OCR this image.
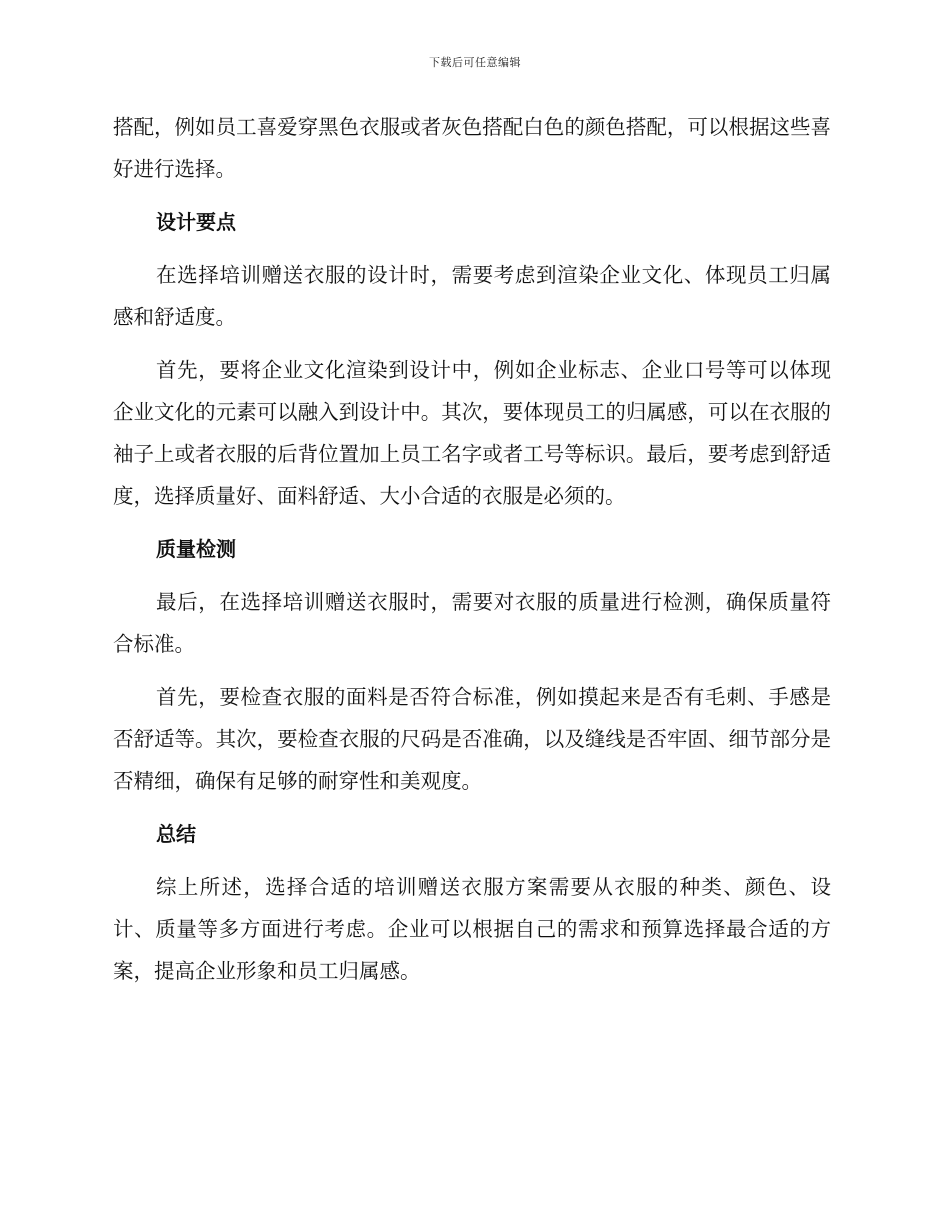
下载后可任意编辑

搭配，例如员工喜爱穿黑色衣服或者灰色搭配白色的颜色搭配，可以根据这些喜好进行选择。

设计要点

在选择培训赠送衣服的设计时，需要考虑到渲染企业文化、体现员工归属感和舒适度。

首先，要将企业文化渲染到设计中，例如企业标志、企业口号等可以体现企业文化的元素可以融入到设计中。其次，要体现员工的归属感，可以在衣服的袖子上或者衣服的后背位置加上员工名字或者工号等标识。最后，要考虑到舒适度，选择质量好、面料舒适、大小合适的衣服是必须的。

质量检测

最后，在选择培训赠送衣服时，需要对衣服的质量进行检测，确保质量符合标准。

首先，要检查衣服的面料是否符合标准，例如摸起来是否有毛刺、手感是否舒适等。其次，要检查衣服的尺码是否准确，以及缝线是否牢固、细节部分是否精细，确保有足够的耐穿性和美观度。

总结

综上所述，选择合适的培训赠送衣服方案需要从衣服的种类、颜色、设计、质量等多方面进行考虑。企业可以根据自己的需求和预算选择最合适的方案，提高企业形象和员工归属感。
